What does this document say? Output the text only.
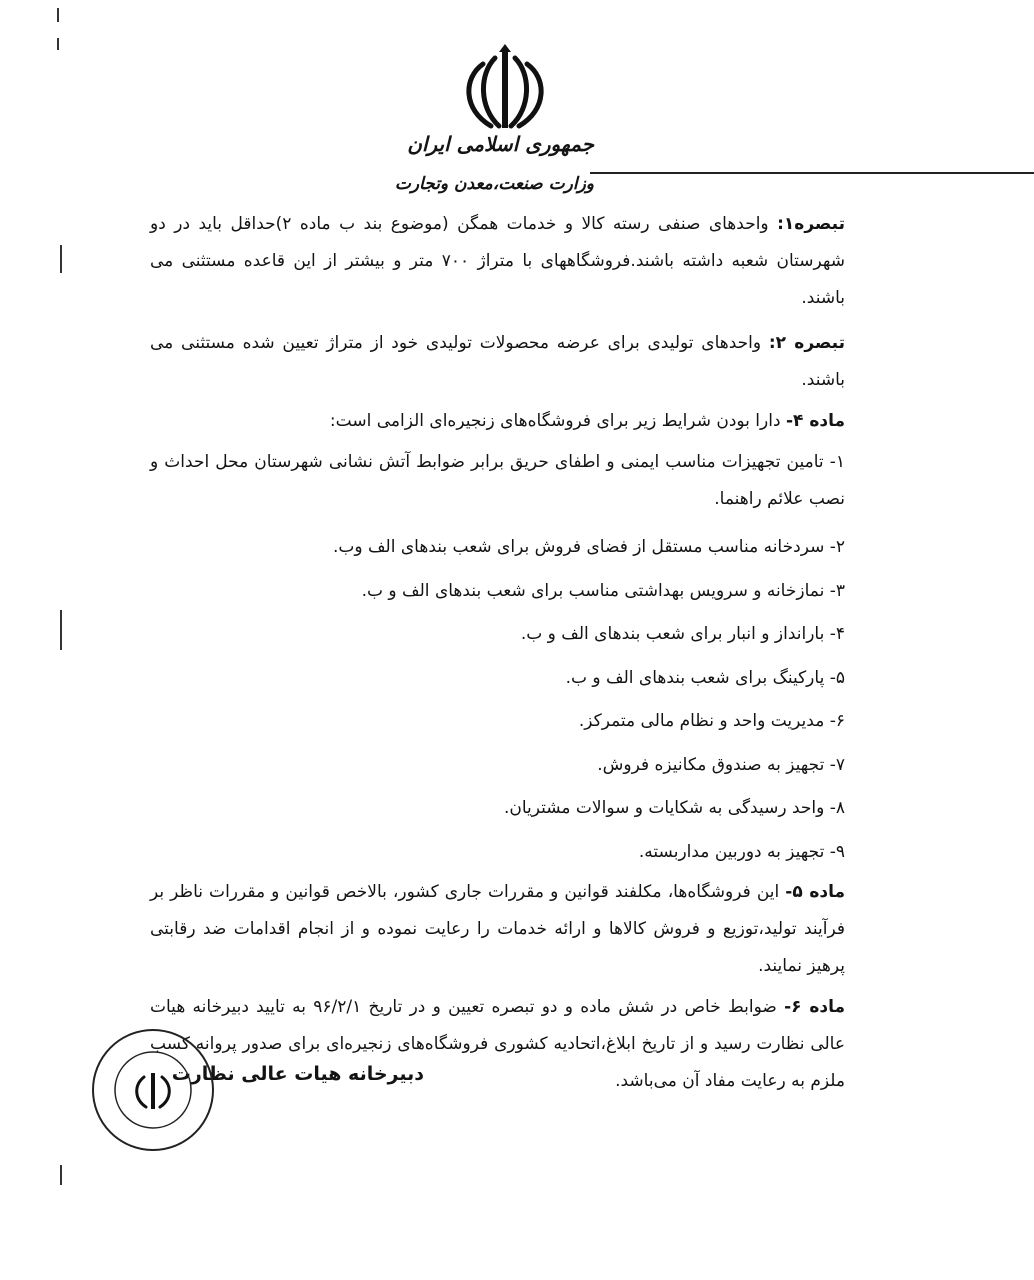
جمهوری اسلامی ایران
وزارت صنعت،معدن وتجارت

تبصره۱: واحدهای صنفی رسته کالا و خدمات همگن (موضوع بند ب ماده ۲)حداقل باید در دو شهرستان شعبه داشته باشند.فروشگاههای با متراژ ۷۰۰ متر و بیشتر از این قاعده مستثنی می باشند.

تبصره ۲: واحدهای تولیدی برای عرضه محصولات تولیدی خود از متراژ تعیین شده مستثنی می باشند.

ماده ۴- دارا بودن شرایط زیر برای فروشگاه‌های زنجیره‌ای الزامی است:

۱- تامین تجهیزات مناسب ایمنی و اطفای حریق برابر ضوابط آتش نشانی شهرستان محل احداث و نصب علائم راهنما.

۲- سردخانه مناسب مستقل از فضای فروش برای شعب بندهای الف وب.

۳- نمازخانه و سرویس بهداشتی مناسب برای شعب بندهای الف و ب.

۴- بارانداز و انبار برای شعب بندهای الف و ب.

۵- پارکینگ برای شعب بندهای الف و ب.

۶- مدیریت واحد و نظام مالی متمرکز.

۷- تجهیز به صندوق مکانیزه فروش.

۸- واحد رسیدگی به شکایات و سوالات مشتریان.

۹- تجهیز به دوربین مداربسته.

ماده ۵- این فروشگاه‌ها، مکلفند قوانین و مقررات جاری کشور، بالاخص قوانین و مقررات ناظر بر فرآیند تولید،توزیع و فروش کالاها و ارائه خدمات را رعایت نموده و از انجام اقدامات ضد رقابتی پرهیز نمایند.

ماده ۶- ضوابط خاص در شش ماده و دو تبصره تعیین و در تاریخ ۹۶/۲/۱ به تایید دبیرخانه هیات عالی نظارت رسید و از تاریخ ابلاغ،اتحادیه کشوری فروشگاه‌های زنجیره‌ای برای صدور پروانه کسب ملزم به رعایت مفاد آن می‌باشد.

دبیرخانه هیات عالی نظارت
